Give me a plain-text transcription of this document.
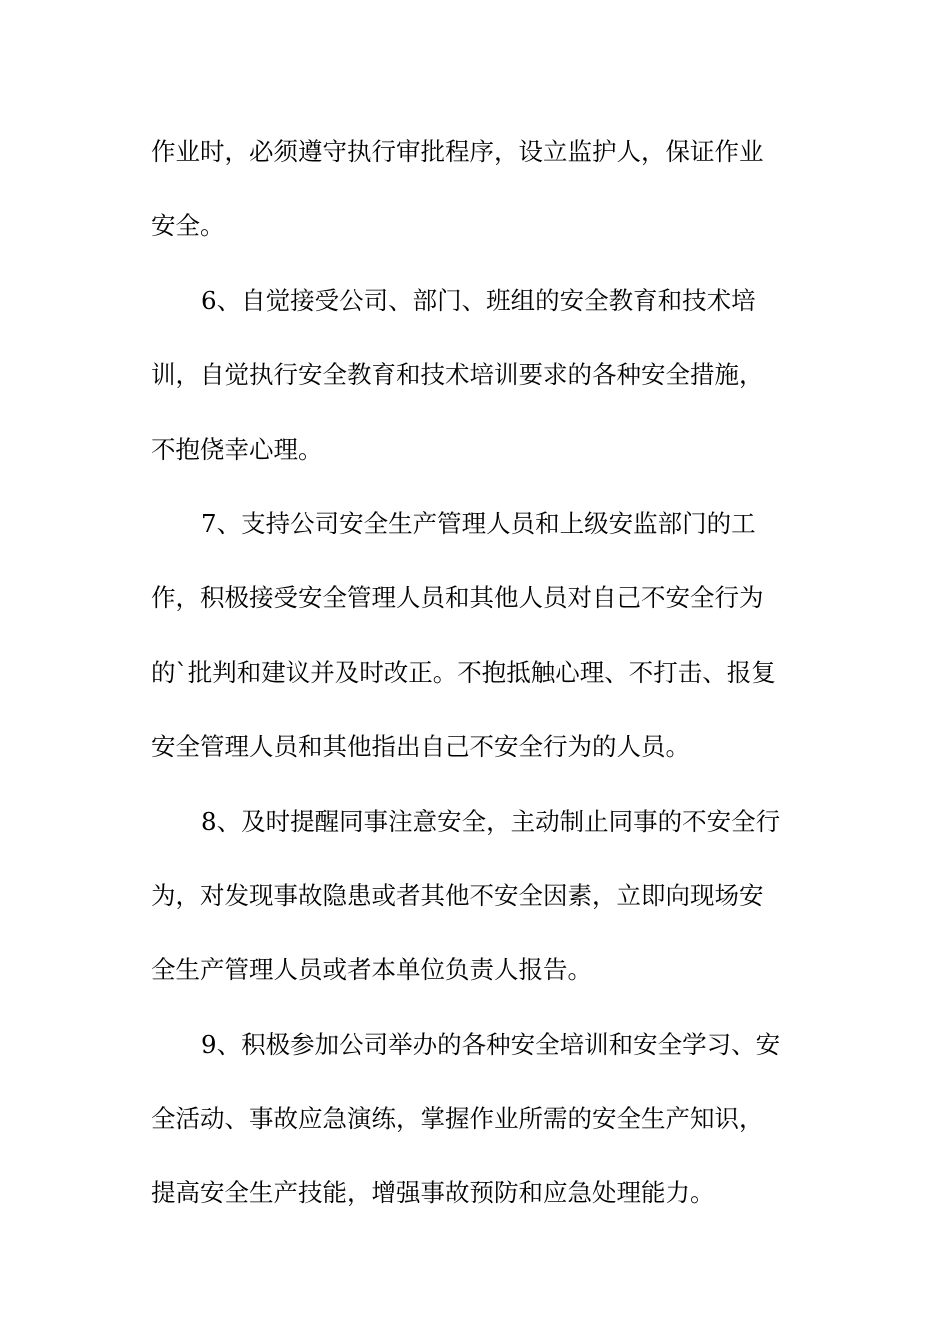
作业时，必须遵守执行审批程序，设立监护人，保证作业
安全。
6、自觉接受公司、部门、班组的安全教育和技术培
训，自觉执行安全教育和技术培训要求的各种安全措施，
不抱侥幸心理。
7、支持公司安全生产管理人员和上级安监部门的工
作，积极接受安全管理人员和其他人员对自己不安全行为
的`批判和建议并及时改正。不抱抵触心理、不打击、报复
安全管理人员和其他指出自己不安全行为的人员。
8、及时提醒同事注意安全，主动制止同事的不安全行
为，对发现事故隐患或者其他不安全因素，立即向现场安
全生产管理人员或者本单位负责人报告。
9、积极参加公司举办的各种安全培训和安全学习、安
全活动、事故应急演练，掌握作业所需的安全生产知识，
提高安全生产技能，增强事故预防和应急处理能力。
